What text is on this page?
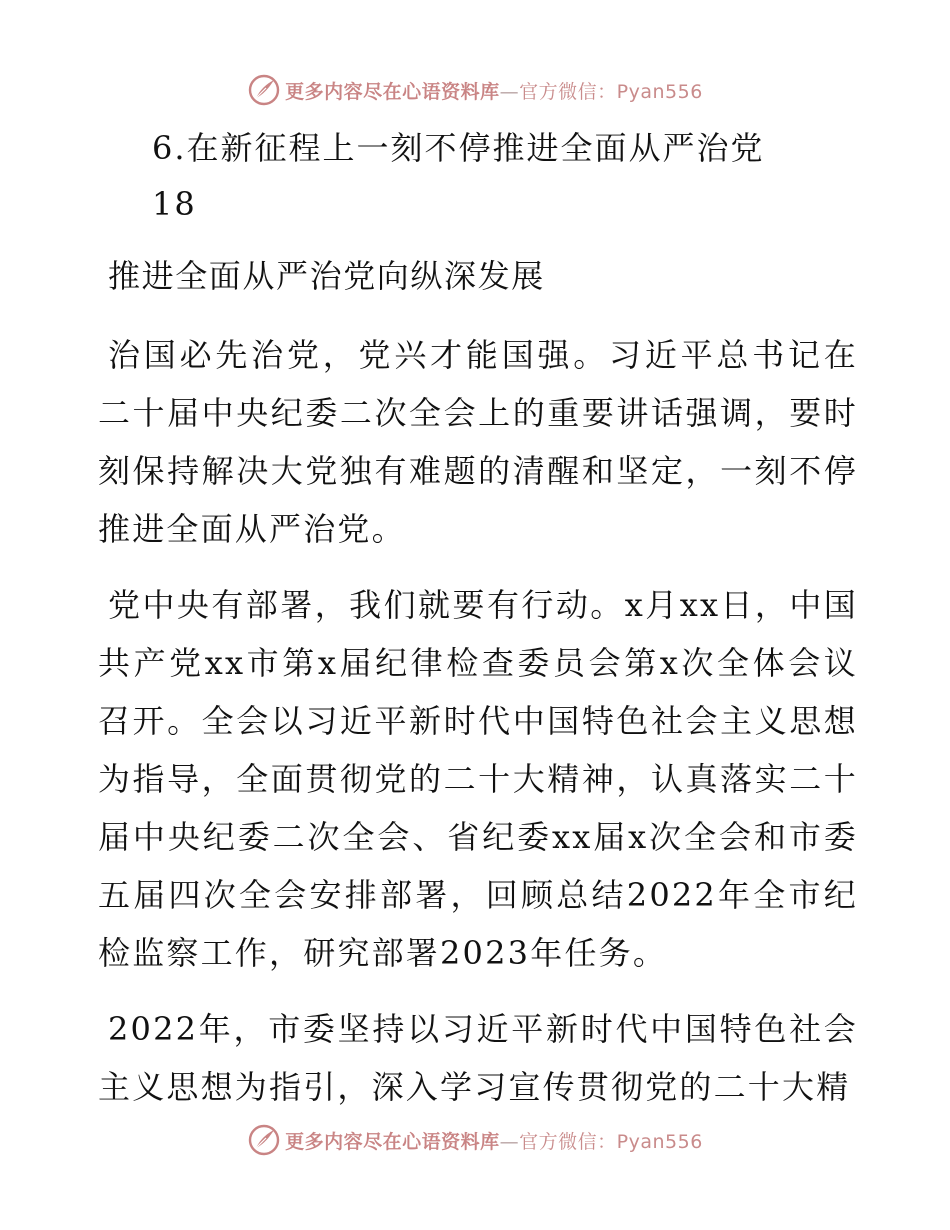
更多内容尽在心语资料库—官方微信：Pyan556
6.在新征程上一刻不停推进全面从严治党
18
推进全面从严治党向纵深发展

治国必先治党，党兴才能国强。习近平总书记在二十届中央纪委二次全会上的重要讲话强调，要时刻保持解决大党独有难题的清醒和坚定，一刻不停推进全面从严治党。

党中央有部署，我们就要有行动。x月xx日，中国共产党xx市第x届纪律检查委员会第x次全体会议召开。全会以习近平新时代中国特色社会主义思想为指导，全面贯彻党的二十大精神，认真落实二十届中央纪委二次全会、省纪委xx届x次全会和市委五届四次全会安排部署，回顾总结2022年全市纪检监察工作，研究部署2023年任务。

2022年，市委坚持以习近平新时代中国特色社会主义思想为指引，深入学习宣传贯彻党的二十大精

更多内容尽在心语资料库—官方微信：Pyan556
